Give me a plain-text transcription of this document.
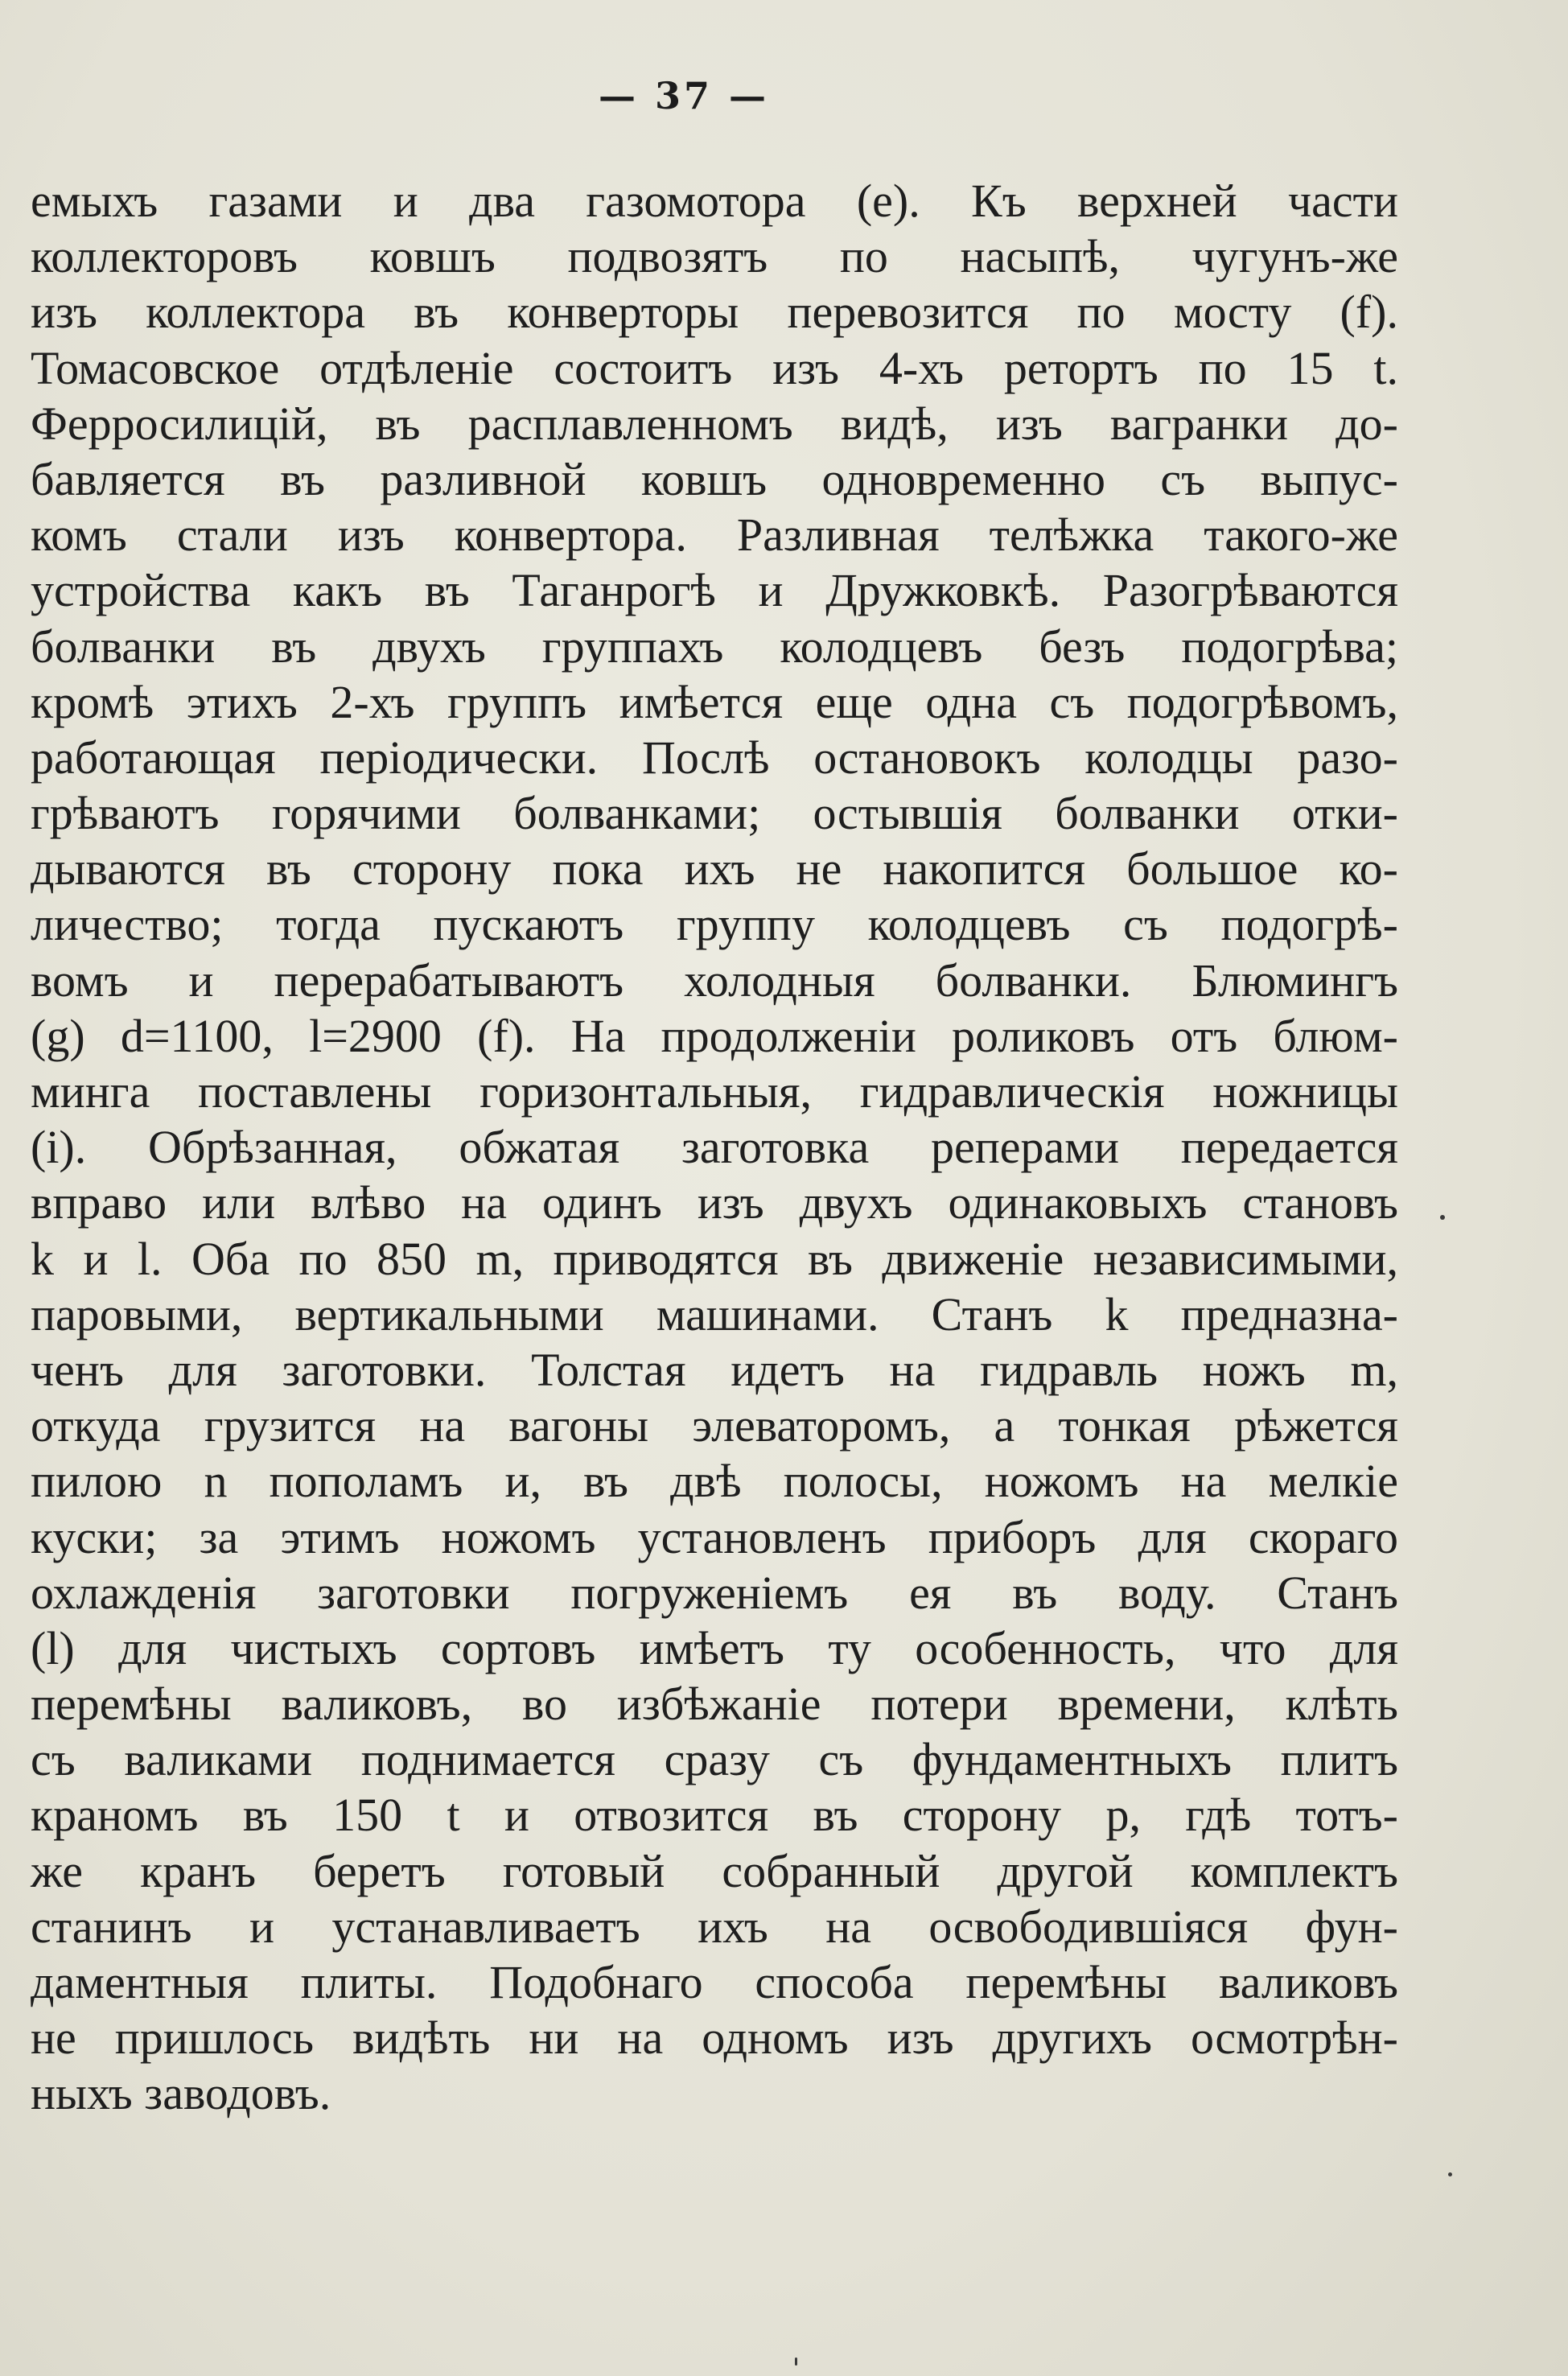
— 37 —
емыхъ газами и два газомотора (е). Къ верхней части
коллекторовъ ковшъ подвозятъ по насыпѣ, чугунъ-же
изъ коллектора въ конверторы перевозится по мосту (f).
Томасовское отдѣленіе состоитъ изъ 4-хъ ретортъ по 15 t.
Ферросилицій, въ расплавленномъ видѣ, изъ вагранки до-
бавляется въ разливной ковшъ одновременно съ выпус-
комъ стали изъ конвертора. Разливная телѣжка такого-же
устройства какъ въ Таганрогѣ и Дружковкѣ. Разогрѣваются
болванки въ двухъ группахъ колодцевъ безъ подогрѣва;
кромѣ этихъ 2-хъ группъ имѣется еще одна съ подогрѣвомъ,
работающая періодически. Послѣ остановокъ колодцы разо-
грѣваютъ горячими болванками; остывшія болванки отки-
дываются въ сторону пока ихъ не накопится большое ко-
личество; тогда пускаютъ группу колодцевъ съ подогрѣ-
вомъ и перерабатываютъ холодныя болванки. Блюмингъ
(g) d=1100, l=2900 (f). На продолженіи роликовъ отъ блюм-
минга поставлены горизонтальныя, гидравлическія ножницы
(i). Обрѣзанная, обжатая заготовка реперами передается
вправо или влѣво на одинъ изъ двухъ одинаковыхъ становъ
k и l. Оба по 850 m, приводятся въ движеніе независимыми,
паровыми, вертикальными машинами. Станъ k предназна-
ченъ для заготовки. Толстая идетъ на гидравль ножъ m,
откуда грузится на вагоны элеваторомъ, а тонкая рѣжется
пилою n пополамъ и, въ двѣ полосы, ножомъ на мелкіе
куски; за этимъ ножомъ установленъ приборъ для скораго
охлажденія заготовки погруженіемъ ея въ воду. Станъ
(l) для чистыхъ сортовъ имѣетъ ту особенность, что для
перемѣны валиковъ, во избѣжаніе потери времени, клѣть
съ валиками поднимается сразу съ фундаментныхъ плитъ
краномъ въ 150 t и отвозится въ сторону р, гдѣ тотъ-
же кранъ беретъ готовый собранный другой комплектъ
станинъ и устанавливаетъ ихъ на освободившіяся фун-
даментныя плиты. Подобнаго способа перемѣны валиковъ
не пришлось видѣть ни на одномъ изъ другихъ осмотрѣн-
ныхъ заводовъ.
